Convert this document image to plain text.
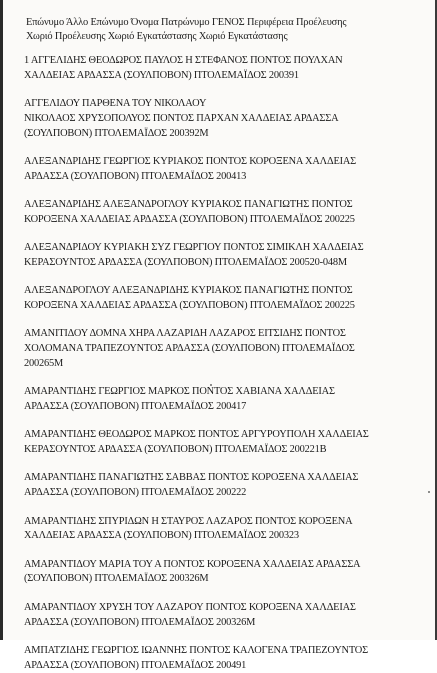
Επώνυμο Άλλο Επώνυμο Όνομα Πατρώνυμο ΓΕΝΟΣ Περιφέρεια Προέλευσης
Χωριό Προέλευσης Χωριό Εγκατάστασης Χωριό Εγκατάστασης
1 ΑΓΓΕΛΙΔΗΣ ΘΕΟΔΩΡΟΣ ΠΑΥΛΟΣ Η ΣΤΕΦΑΝΟΣ ΠΟΝΤΟΣ ΠΟΥΛΧΑΝ
ΧΑΛΔΕΙΑΣ ΑΡΔΑΣΣΑ (ΣΟΥΛΠΟΒΟΝ) ΠΤΟΛΕΜΑΪΔΟΣ 200391
ΑΓΓΕΛΙΔΟΥ ΠΑΡΘΕΝΑ ΤΟΥ ΝΙΚΟΛΑΟΥ
ΝΙΚΟΛΑΟΣ ΧΡΥΣΟΠΟΛΥΟΣ ΠΟΝΤΟΣ ΠΑΡΧΑΝ ΧΑΛΔΕΙΑΣ ΑΡΔΑΣΣΑ
(ΣΟΥΛΠΟΒΟΝ) ΠΤΟΛΕΜΑΪΔΟΣ 200392Μ
ΑΛΕΞΑΝΔΡΙΔΗΣ ΓΕΩΡΓΙΟΣ ΚΥΡΙΑΚΟΣ ΠΟΝΤΟΣ ΚΟΡΟΞΕΝΑ ΧΑΛΔΕΙΑΣ
ΑΡΔΑΣΣΑ (ΣΟΥΛΠΟΒΟΝ) ΠΤΟΛΕΜΑΪΔΟΣ 200413
ΑΛΕΞΑΝΔΡΙΔΗΣ ΑΛΕΞΑΝΔΡΟΓΛΟΥ ΚΥΡΙΑΚΟΣ ΠΑΝΑΓΙΩΤΗΣ ΠΟΝΤΟΣ
ΚΟΡΟΞΕΝΑ ΧΑΛΔΕΙΑΣ ΑΡΔΑΣΣΑ (ΣΟΥΛΠΟΒΟΝ) ΠΤΟΛΕΜΑΪΔΟΣ 200225
ΑΛΕΞΑΝΔΡΙΔΟΥ ΚΥΡΙΑΚΗ ΣΥΖ ΓΕΩΡΓΙΟΥ ΠΟΝΤΟΣ ΣΙΜΙΚΛΗ ΧΑΛΔΕΙΑΣ
ΚΕΡΑΣΟΥΝΤΟΣ ΑΡΔΑΣΣΑ (ΣΟΥΛΠΟΒΟΝ) ΠΤΟΛΕΜΑΪΔΟΣ 200520-048Μ
ΑΛΕΞΑΝΔΡΟΓΛΟΥ ΑΛΕΞΑΝΔΡΙΔΗΣ ΚΥΡΙΑΚΟΣ ΠΑΝΑΓΙΩΤΗΣ ΠΟΝΤΟΣ
ΚΟΡΟΞΕΝΑ ΧΑΛΔΕΙΑΣ ΑΡΔΑΣΣΑ (ΣΟΥΛΠΟΒΟΝ) ΠΤΟΛΕΜΑΪΔΟΣ 200225
ΑΜΑΝΙΤΙΔΟΥ ΔΟΜΝΑ ΧΗΡΑ ΛΑΖΑΡΙΔΗ ΛΑΖΑΡΟΣ ΕΙΤΣΙΔΗΣ ΠΟΝΤΟΣ
ΧΟΛΟΜΑΝΑ ΤΡΑΠΕΖΟΥΝΤΟΣ ΑΡΔΑΣΣΑ (ΣΟΥΛΠΟΒΟΝ) ΠΤΟΛΕΜΑΪΔΟΣ
200265Μ
ΑΜΑΡΑΝΤΙΔΗΣ ΓΕΩΡΓΙΟΣ ΜΑΡΚΟΣ ΠΟΝΤΟΣ ΧΑΒΙΑΝΑ ΧΑΛΔΕΙΑΣ
ΑΡΔΑΣΣΑ (ΣΟΥΛΠΟΒΟΝ) ΠΤΟΛΕΜΑΪΔΟΣ 200417
ΑΜΑΡΑΝΤΙΔΗΣ ΘΕΟΔΩΡΟΣ ΜΑΡΚΟΣ ΠΟΝΤΟΣ ΑΡΓΥΡΟΥΠΟΛΗ ΧΑΛΔΕΙΑΣ
ΚΕΡΑΣΟΥΝΤΟΣ ΑΡΔΑΣΣΑ (ΣΟΥΛΠΟΒΟΝ) ΠΤΟΛΕΜΑΪΔΟΣ 200221Β
ΑΜΑΡΑΝΤΙΔΗΣ ΠΑΝΑΓΙΩΤΗΣ ΣΑΒΒΑΣ ΠΟΝΤΟΣ ΚΟΡΟΞΕΝΑ ΧΑΛΔΕΙΑΣ
ΑΡΔΑΣΣΑ (ΣΟΥΛΠΟΒΟΝ) ΠΤΟΛΕΜΑΪΔΟΣ 200222
ΑΜΑΡΑΝΤΙΔΗΣ ΣΠΥΡΙΔΩΝ Η ΣΤΑΥΡΟΣ ΛΑΖΑΡΟΣ ΠΟΝΤΟΣ ΚΟΡΟΞΕΝΑ
ΧΑΛΔΕΙΑΣ ΑΡΔΑΣΣΑ (ΣΟΥΛΠΟΒΟΝ) ΠΤΟΛΕΜΑΪΔΟΣ 200323
ΑΜΑΡΑΝΤΙΔΟΥ ΜΑΡΙΑ ΤΟΥ Α ΠΟΝΤΟΣ ΚΟΡΟΞΕΝΑ ΧΑΛΔΕΙΑΣ ΑΡΔΑΣΣΑ
(ΣΟΥΛΠΟΒΟΝ) ΠΤΟΛΕΜΑΪΔΟΣ 200326Μ
ΑΜΑΡΑΝΤΙΔΟΥ ΧΡΥΣΗ ΤΟΥ ΛΑΖΑΡΟΥ ΠΟΝΤΟΣ ΚΟΡΟΞΕΝΑ ΧΑΛΔΕΙΑΣ
ΑΡΔΑΣΣΑ (ΣΟΥΛΠΟΒΟΝ) ΠΤΟΛΕΜΑΪΔΟΣ 200326Μ
ΑΜΠΑΤΖΙΔΗΣ ΓΕΩΡΓΙΟΣ ΙΩΑΝΝΗΣ ΠΟΝΤΟΣ ΚΑΛΟΓΕΝΑ ΤΡΑΠΕΖΟΥΝΤΟΣ
ΑΡΔΑΣΣΑ (ΣΟΥΛΠΟΒΟΝ) ΠΤΟΛΕΜΑΪΔΟΣ 200491
